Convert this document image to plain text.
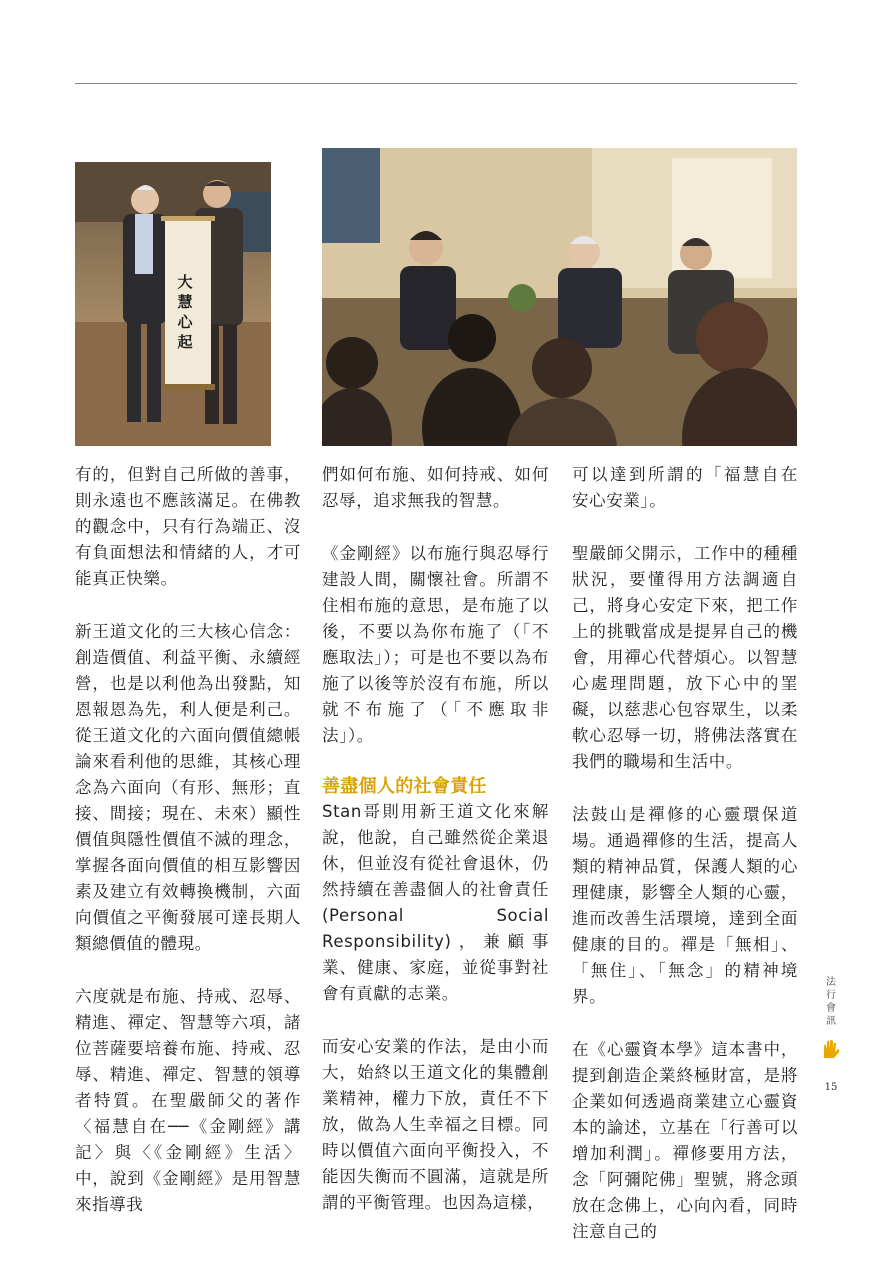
大
慧
心
起

有的，但對自己所做的善事，則永遠也不應該滿足。在佛教的觀念中，只有行為端正、沒有負面想法和情緒的人，才可能真正快樂。

新王道文化的三大核心信念：創造價值、利益平衡、永續經營，也是以利他為出發點，知恩報恩為先，利人便是利己。從王道文化的六面向價值總帳論來看利他的思維，其核心理念為六面向（有形、無形；直接、間接；現在、未來）顯性價值與隱性價值不滅的理念，掌握各面向價值的相互影響因素及建立有效轉換機制，六面向價值之平衡發展可達長期人類總價值的體現。

六度就是布施、持戒、忍辱、精進、禪定、智慧等六項，諸位菩薩要培養布施、持戒、忍辱、精進、禪定、智慧的領導者特質。在聖嚴師父的著作〈福慧自在──《金剛經》講記〉與〈《金剛經》生活〉中，說到《金剛經》是用智慧來指導我

們如何布施、如何持戒、如何忍辱，追求無我的智慧。

《金剛經》以布施行與忍辱行建設人間，關懷社會。所謂不住相布施的意思，是布施了以後，不要以為你布施了（「不應取法」）；可是也不要以為布施了以後等於沒有布施，所以就不布施了（「不應取非法」）。

善盡個人的社會責任

Stan哥則用新王道文化來解說，他說，自己雖然從企業退休，但並沒有從社會退休，仍然持續在善盡個人的社會責任(Personal Social Responsibility)，兼顧事業、健康、家庭，並從事對社會有貢獻的志業。

而安心安業的作法，是由小而大，始終以王道文化的集體創業精神，權力下放，責任不下放，做為人生幸福之目標。同時以價值六面向平衡投入，不能因失衡而不圓滿，這就是所謂的平衡管理。也因為這樣，

可以達到所謂的「福慧自在 安心安業」。

聖嚴師父開示，工作中的種種狀況，要懂得用方法調適自己，將身心安定下來，把工作上的挑戰當成是提昇自己的機會，用禪心代替煩心。以智慧心處理問題，放下心中的罣礙，以慈悲心包容眾生，以柔軟心忍辱一切，將佛法落實在我們的職場和生活中。

法鼓山是禪修的心靈環保道場。通過禪修的生活，提高人類的精神品質，保護人類的心理健康，影響全人類的心靈，進而改善生活環境，達到全面健康的目的。禪是「無相」、「無住」、「無念」的精神境界。

在《心靈資本學》這本書中，提到創造企業終極財富，是將企業如何透過商業建立心靈資本的論述，立基在「行善可以增加利潤」。禪修要用方法，念「阿彌陀佛」聖號，將念頭放在念佛上，心向內看，同時注意自己的

法
行
會
訊
15
